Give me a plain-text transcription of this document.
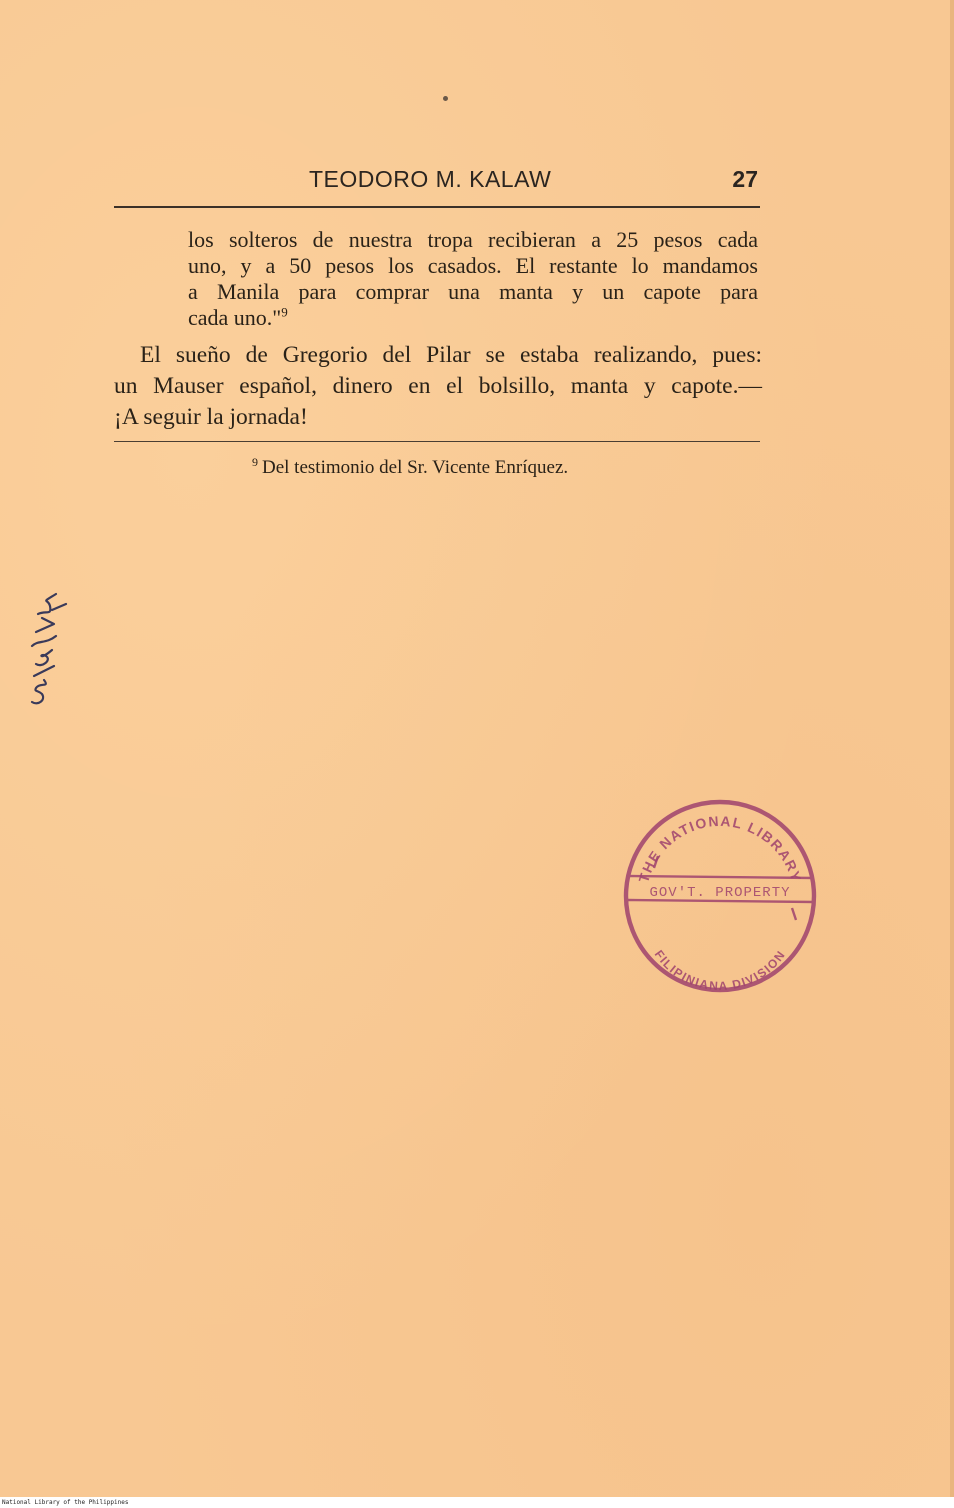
TEODORO M. KALAW	27
los solteros de nuestra tropa recibieran a 25 pesos cada
uno, y a 50 pesos los casados. El restante lo mandamos
a Manila para comprar una manta y un capote para
cada uno."$^9$
El sueño de Gregorio del Pilar se estaba realizando, pues:
un Mauser español, dinero en el bolsillo, manta y capote.—
¡A seguir la jornada!
$^9$ Del testimonio del Sr. Vicente Enríquez.
THE NATIONAL LIBRARY
GOV'T. PROPERTY
FILIPINIANA DIVISION
National Library of the Philippines
